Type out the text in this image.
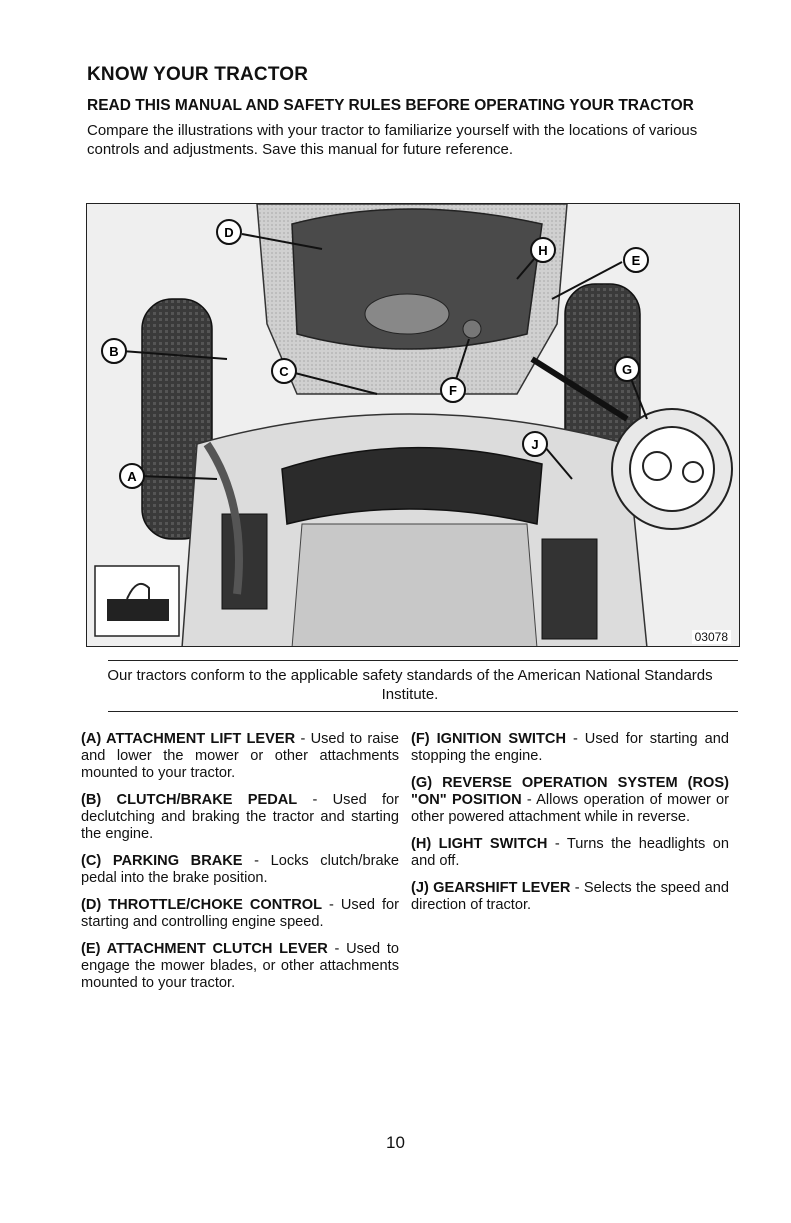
KNOW YOUR TRACTOR
READ THIS MANUAL AND SAFETY RULES BEFORE OPERATING YOUR TRACTOR
Compare the illustrations with your tractor to familiarize yourself with the locations of various controls and adjustments. Save this manual for future reference.
D
H
E
B
C	G
F
J
A
03078
Our tractors conform to the applicable safety standards of the American National Standards Institute.

(A) ATTACHMENT LIFT LEVER - Used to raise and lower the mower or other attachments mounted to your tractor.

(B) CLUTCH/BRAKE PEDAL - Used for declutching and braking the tractor and starting the engine.

(C) PARKING BRAKE - Locks clutch/brake pedal into the brake position.

(D) THROTTLE/CHOKE CONTROL - Used for starting and controlling engine speed.

(E) ATTACHMENT CLUTCH LEVER - Used to engage the mower blades, or other attachments mounted to your tractor.

(F) IGNITION SWITCH - Used for starting and stopping the engine.

(G) REVERSE OPERATION SYSTEM (ROS) "ON" POSITION - Allows operation of mower or other powered attachment while in reverse.

(H) LIGHT SWITCH - Turns the headlights on and off.

(J) GEARSHIFT LEVER - Selects the speed and direction of tractor.

10
